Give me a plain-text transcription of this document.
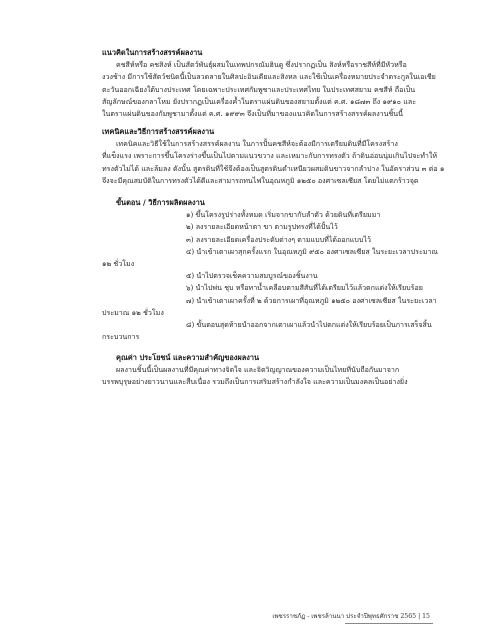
แนวคิดในการสร้างสรรค์ผลงาน

คชสีห์หรือ คชสิงห์ เป็นสัตว์พันธุ์ผสมในเทพปกรณัมฮินดู ซึ่งปรากฏเป็น สิงห์หรือราชสีห์ที่มีหัวหรือ

งวงช้าง มีการใช้สัตว์ชนิดนี้เป็นลวดลายในศิลปะอินเดียและสิงหล และใช้เป็นเครื่องหมายประจำตระกูลในเอเชีย

ตะวันออกเฉียงใต้บางประเทศ โดยเฉพาะประเทศกัมพูชาและประเทศไทย ในประเทศสยาม คชสีห์ ถือเป็น

สัญลักษณ์ของกลาโหม ยังปรากฏเป็นเครื่องค้ำในตราแผ่นดินของสยามตั้งแต่ ค.ศ. ๑๘๗๓ ถึง ๑๙๑๐ และ

ในตราแผ่นดินของกัมพูชามาตั้งแต่ ค.ศ. ๑๙๙๓ จึงเป็นที่มาของแนวคิดในการสร้างสรรค์ผลงานชิ้นนี้

เทคนิคและวิธีการสร้างสรรค์ผลงาน

เทคนิคและวิธีใช้ในการสร้างสรรค์ผลงาน ในการปั้นคชสีห์จะต้องมีการเตรียมดินที่มีโครงสร้าง

ที่แข็งแรง เพราะการขึ้นโครงร่างขึ้นเป็นไปตามแนวขวาง และเหมาะกับการทรงตัว ถ้าดินอ่อนนุ่มเกินไปจะทำให้

ทรงตัวไม่ได้ และล้มลง ดังนั้น สูตรดินที่ใช้จึงต้องเป็นสูตรดินดำเหนียวผสมดินขาวจากลำปาง ในอัตราส่วน ๓ ต่อ ๑

จึงจะมีคุณสมบัติในการทรงตัวได้ดีและสามารถทนไฟในอุณหภูมิ ๑๒๕๐ องศาเซลเซียส โดยไม่แตกร้าวจุด

ขั้นตอน / วิธีการผลิตผลงาน

๑) ขึ้นโครงรูปร่างทั้งหมด เริ่มจากขากับลำตัว ด้วยดินที่เตรียมมา

๒) ลงรายละเอียดหน้าตา ขา ตามรูปทรงที่ได้ปั้นไว้

๓) ลงรายละเอียดเครื่องประดับต่างๆ ตามแบบที่ได้ออกแบบไว้

๔) นำเข้าเตาเผาสุกครั้งแรก ในอุณหภูมิ ๙๕๐ องศาเซลเซียส ในระยะเวลาประมาณ

๑๒ ชั่วโมง

๕) นำไปตรวจเช็คความสมบูรณ์ของชิ้นงาน

๖) นำไปพ่น ชุบ หรือทาน้ำเคลือบตามสีสันที่ได้เตรียมไว้แล้วตกแต่งให้เรียบร้อย

๗) นำเข้าเตาเผาครั้งที่ ๒ ด้วยการเผาที่อุณหภูมิ ๑๒๕๐ องศาเซลเซียส ในระยะเวลา

ประมาณ ๑๒ ชั่วโมง

๘) ขั้นตอนสุดท้ายนำออกจากเตาเผาแล้วนำไปตกแต่งให้เรียบร้อยเป็นการเสร็จสิ้น

กระบวนการ

คุณค่า ประโยชน์ และความสำคัญของผลงาน

ผลงานชิ้นนี้เป็นผลงานที่มีคุณค่าทางจิตใจ และจิตวิญญาณของความเป็นไทยที่นับถือกันมาจาก

บรรพบุรุษอย่างยาวนานและสืบเนื่อง รวมถึงเป็นการเสริมสร้างกำลังใจ และความเป็นมงคลเป็นอย่างยิ่ง

เพชรราชภัฏ - เพชรล้านนา ประจำปีพุทธศักราช 2565 | 15
